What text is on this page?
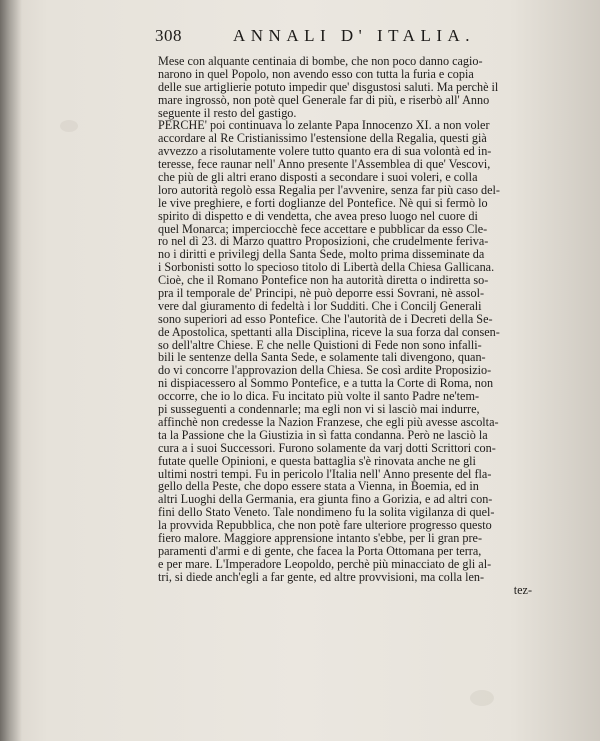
308	ANNALI D' ITALIA.
Mese con alquante centinaia di bombe, che non poco danno cagio-
narono in quel Popolo, non avendo esso con tutta la furia e copia
delle sue artiglierie potuto impedir que' disgustosi saluti. Ma perchè il
mare ingrossò, non potè quel Generale far di più, e riserbò all' Anno
seguente il resto del gastigo.
PERCHE' poi continuava lo zelante Papa Innocenzo XI. a non voler
accordare al Re Cristianissimo l'estensione della Regalia, questi già
avvezzo a risolutamente volere tutto quanto era di sua volontà ed in-
teresse, fece raunar nell' Anno presente l'Assemblea di que' Vescovi,
che più de gli altri erano disposti a secondare i suoi voleri, e colla
loro autorità regolò essa Regalia per l'avvenire, senza far più caso del-
le vive preghiere, e forti doglianze del Pontefice. Nè qui si fermò lo
spirito di dispetto e di vendetta, che avea preso luogo nel cuore di
quel Monarca; imperciocchè fece accettare e pubblicar da esso Cle-
ro nel dì 23. di Marzo quattro Proposizioni, che crudelmente feriva-
no i diritti e privilegj della Santa Sede, molto prima disseminate da
i Sorbonisti sotto lo specioso titolo di Libertà della Chiesa Gallicana.
Cioè, che il Romano Pontefice non ha autorità diretta o indiretta so-
pra il temporale de' Principi, nè può deporre essi Sovrani, nè assol-
vere dal giuramento di fedeltà i lor Sudditi. Che i Concilj Generali
sono superiori ad esso Pontefice. Che l'autorità de i Decreti della Se-
de Apostolica, spettanti alla Disciplina, riceve la sua forza dal consen-
so dell'altre Chiese. E che nelle Quistioni di Fede non sono infalli-
bili le sentenze della Santa Sede, e solamente tali divengono, quan-
do vi concorre l'approvazion della Chiesa. Se così ardite Proposizio-
ni dispiacessero al Sommo Pontefice, e a tutta la Corte di Roma, non
occorre, che io lo dica. Fu incitato più volte il santo Padre ne'tem-
pi susseguenti a condennarle; ma egli non vi si lasciò mai indurre,
affinchè non credesse la Nazion Franzese, che egli più avesse ascolta-
ta la Passione che la Giustizia in sì fatta condanna. Però ne lasciò la
cura a i suoi Successori. Furono solamente da varj dotti Scrittori con-
futate quelle Opinioni, e questa battaglia s'è rinovata anche ne gli
ultimi nostri tempi. Fu in pericolo l'Italia nell' Anno presente del fla-
gello della Peste, che dopo essere stata a Vienna, in Boemia, ed in
altri Luoghi della Germania, era giunta fino a Gorizia, e ad altri con-
fini dello Stato Veneto. Tale nondimeno fu la solita vigilanza di quel-
la provvida Repubblica, che non potè fare ulteriore progresso questo
fiero malore. Maggiore apprensione intanto s'ebbe, per li gran pre-
paramenti d'armi e di gente, che facea la Porta Ottomana per terra,
e per mare. L'Imperadore Leopoldo, perchè più minacciato de gli al-
tri, si diede anch'egli a far gente, ed altre provvisioni, ma colla len-
tez-
